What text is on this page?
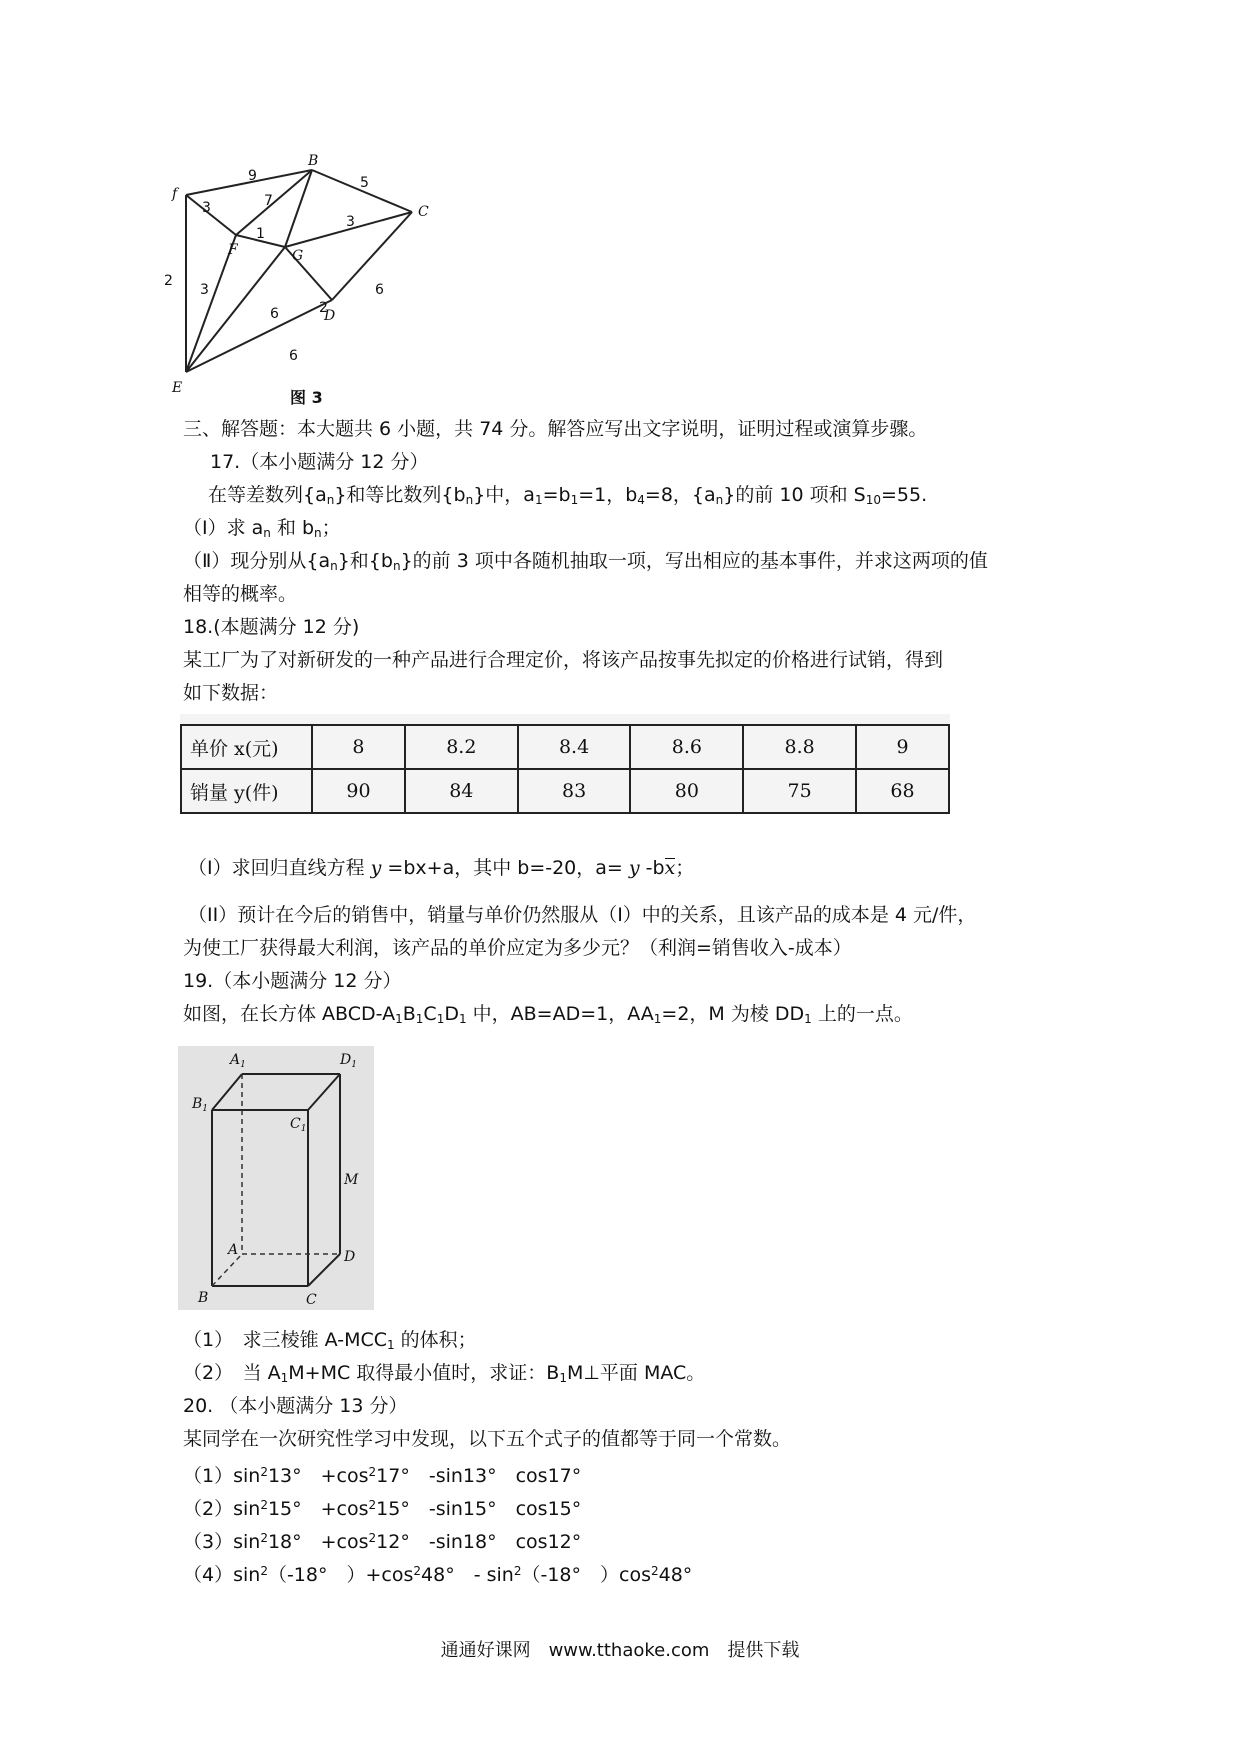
f
B
C
D
E
F	G
9	5
3	7
1
3
2
3	6
2
6
6
图 3
三、解答题：本大题共 6 小题，共 74 分。解答应写出文字说明，证明过程或演算步骤。
17.（本小题满分 12 分）
在等差数列$\{a_n\}$和等比数列$\{b_n\}$中，$a_1=b_1=1$，$b_4=8$，$\{a_n\}$的前 10 项和 $S_{10}=55$.
（Ⅰ）求 $a_n$ 和 $b_n$；
（Ⅱ）现分别从$\{a_n\}$和$\{b_n\}$的前 3 项中各随机抽取一项，写出相应的基本事件，并求这两项的值
相等的概率。
18.(本题满分 12 分)
某工厂为了对新研发的一种产品进行合理定价，将该产品按事先拟定的价格进行试销，得到
如下数据：
单价 x(元)	8	8.2	8.4	8.6	8.8	9
销量 y(件)	90	84	83	80	75	68
（I）求回归直线方程 y =bx+a，其中 b=-20，a= y -bx；
（II）预计在今后的销售中，销量与单价仍然服从（I）中的关系，且该产品的成本是 4 元/件，
为使工厂获得最大利润，该产品的单价应定为多少元？（利润=销售收入-成本）
19.（本小题满分 12 分）
如图，在长方体 ABCD-$A_1B_1C_1D_1$ 中，AB=AD=1，$AA_1=2$，M 为棱 $DD_1$ 上的一点。
$A_1$	$D_1$
$B_1$
$C_1$
M
A	D
B	C
（1）　求三棱锥 $A-MCC_1$ 的体积；
（2）　当 $A_1M+MC$ 取得最小值时，求证：$B_1M\perp$平面 MAC。
20. （本小题满分 13 分）
某同学在一次研究性学习中发现，以下五个式子的值都等于同一个常数。
$(1)\sin^213^\circ$　$+\cos^217^\circ$　-sin13°　cos17°
$(2)\sin^215^\circ$　$+\cos^215^\circ$　-sin15°　cos15°
$(3)\sin^218^\circ$　$+\cos^212^\circ$　-sin18°　cos12°
$(4)\sin^2(-18^\circ$　）$+\cos^248^\circ$　- $\sin^2(-18^\circ$　）$\cos^248^\circ$
通通好课网　www.tthaoke.com　提供下载
